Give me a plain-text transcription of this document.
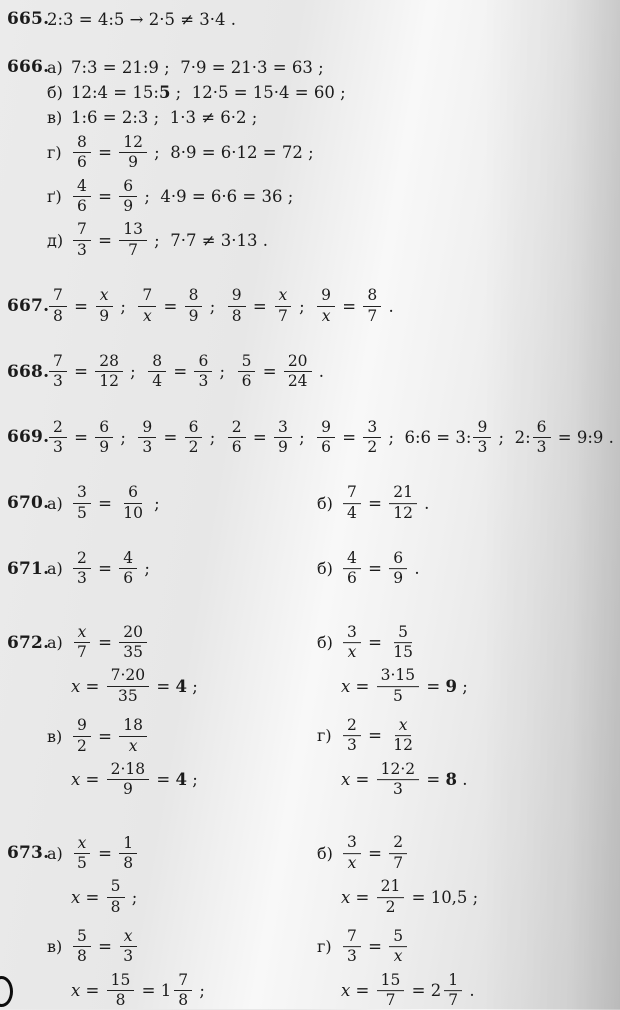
665.
2:3 = 4:5 → 2·5 ≠ 3·4 .
666.
а) 7:3 = 21:9 ;  7·9 = 21·3 = 63 ;
б) 12:4 = 15: 5 ;  12·5 = 15·4 = 60 ;
в) 1:6 = 2:3 ;  1·3 ≠ 6·2 ;
$г) \frac{8}{6} = \frac{12}{9}$ ;  8·9 = 6·12 = 72 ;
$ґ) \frac{4}{6} = \frac{6}{9}$ ;  4·9 = 6·6 = 36 ;
$д) \frac{7}{3} = \frac{13}{7}$ ;  7·7 ≠ 3·13 .
667. $\frac{7}{8} = \frac{x}{9}$ ; $\frac{7}{x} = \frac{8}{9}$ ; $\frac{9}{8} = \frac{x}{7}$ ; $\frac{9}{x} = \frac{8}{7}$ .
668. $\frac{7}{3} = \frac{28}{12}$ ; $\frac{8}{4} = \frac{6}{3}$ ; $\frac{5}{6} = \frac{20}{24}$ .
669. $\frac{2}{3} = \frac{6}{9}$ ; $\frac{9}{3} = \frac{6}{2}$ ; $\frac{2}{6} = \frac{3}{9}$ ; $\frac{9}{6} = \frac{3}{2}$ ;  6:6 = 3: $\frac{9}{3}$ ;  2: $\frac{6}{3}$ = 9:9 .
670.
$а) \frac{3}{5} = \frac{6}{10}$ ;	$б) \frac{7}{4} = \frac{21}{12}$ .
671.
$а) \frac{2}{3} = \frac{4}{6}$ ;	$б) \frac{4}{6} = \frac{6}{9}$ .
672.
$а) \frac{x}{7} = \frac{20}{35}$	$б) \frac{3}{x} = \frac{5}{15}$
$x = \frac{7\cdot 20}{35} = 4$ ;	$x = \frac{3\cdot 15}{5} = 9$ ;
$в) \frac{9}{2} = \frac{18}{x}$	$г) \frac{2}{3} = \frac{x}{12}$
$x = \frac{2\cdot 18}{9} = 4$ ;	$x = \frac{12\cdot 2}{3} = 8$ .
673.
$а) \frac{x}{5} = \frac{1}{8}$	$б) \frac{3}{x} = \frac{2}{7}$
$x = \frac{5}{8}$ ;	$x = \frac{21}{2} = 10,5$ ;
$в) \frac{5}{8} = \frac{x}{3}$	$г) \frac{7}{3} = \frac{5}{x}$
$x = \frac{15}{8} = 1 \frac{7}{8}$ ;	$x = \frac{15}{7} = 2 \frac{1}{7}$ .
